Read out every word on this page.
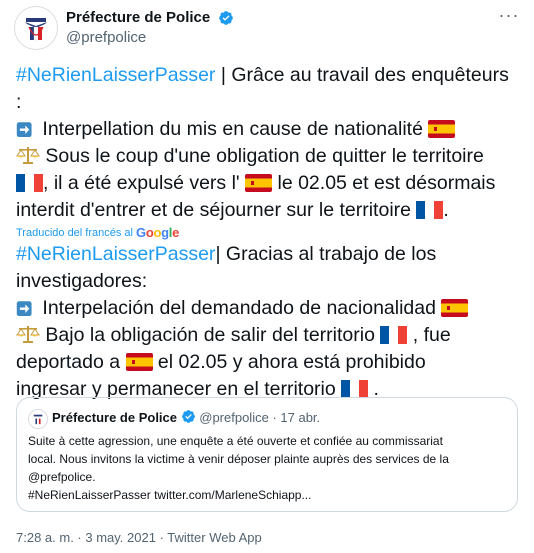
Préfecture de Police
@prefpolice
···

#NeRienLaisserPasser | Grâce au travail des enquêteurs

:

Interpellation du mis en cause de nationalité

Sous le coup d'une obligation de quitter le territoire

, il a été expulsé vers l'  le 02.05 et est désormais

interdit d'entrer et de séjourner sur le territoire .

Traducido del francés al Google

#NeRienLaisserPasser| Gracias al trabajo de los

investigadores:

Interpelación del demandado de nacionalidad

Bajo la obligación de salir del territorio  , fue

deportado a  el 02.05 y ahora está prohibido

ingresar y permanecer en el territorio  .

Préfecture de Police @prefpolice · 17 abr.

Suite à cette agression, une enquête a été ouverte et confiée au commissariat

local. Nous invitons la victime à venir déposer plainte auprès des services de la

@prefpolice.

#NeRienLaisserPasser twitter.com/MarleneSchiapp...

7:28 a. m. · 3 may. 2021 · Twitter Web App
